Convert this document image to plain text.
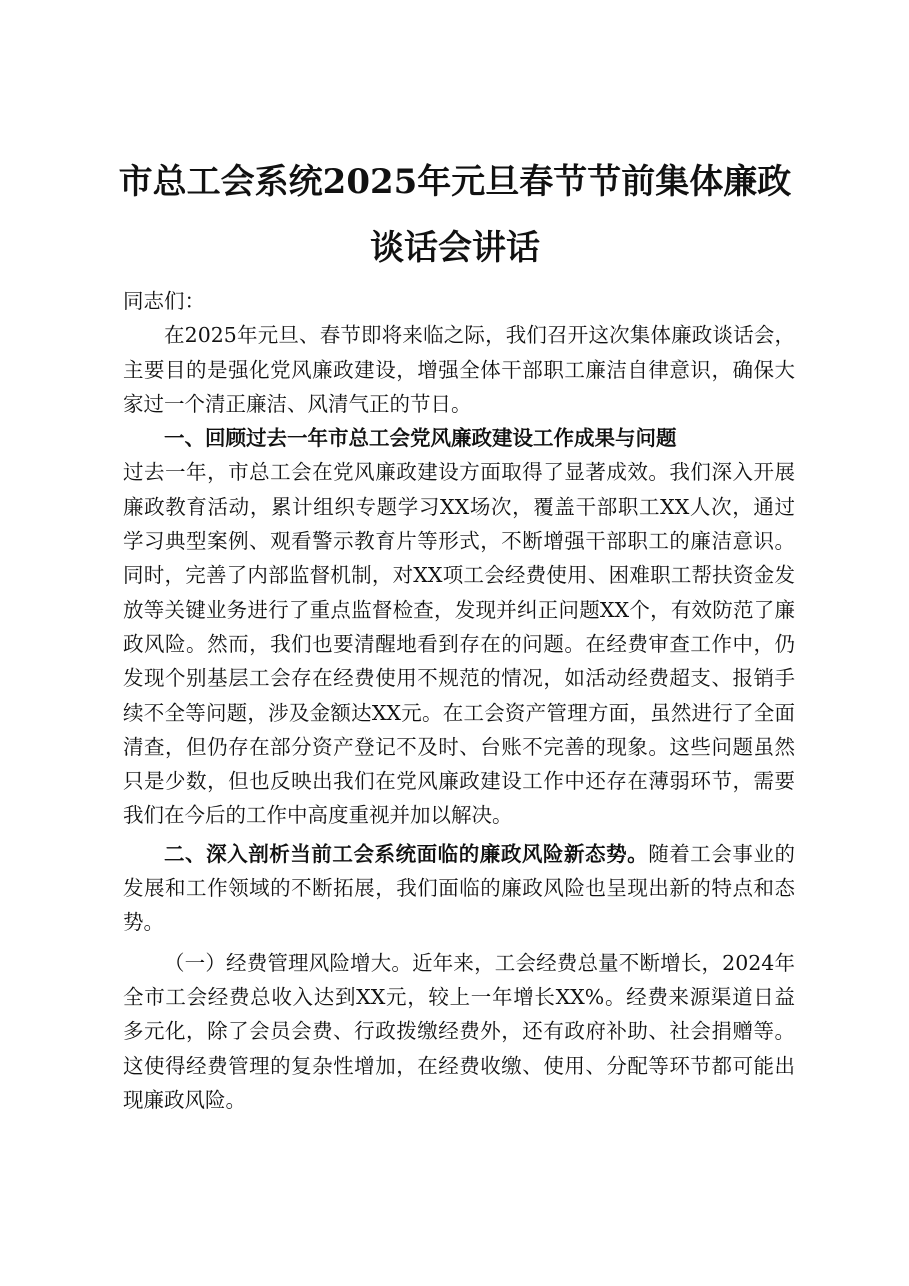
市总工会系统2025年元旦春节节前集体廉政
谈话会讲话

同志们：

在2025年元旦、春节即将来临之际，我们召开这次集体廉政谈话会，主要目的是强化党风廉政建设，增强全体干部职工廉洁自律意识，确保大家过一个清正廉洁、风清气正的节日。

一、回顾过去一年市总工会党风廉政建设工作成果与问题

过去一年，市总工会在党风廉政建设方面取得了显著成效。我们深入开展廉政教育活动，累计组织专题学习XX场次，覆盖干部职工XX人次，通过学习典型案例、观看警示教育片等形式，不断增强干部职工的廉洁意识。同时，完善了内部监督机制，对XX项工会经费使用、困难职工帮扶资金发放等关键业务进行了重点监督检查，发现并纠正问题XX个，有效防范了廉政风险。然而，我们也要清醒地看到存在的问题。在经费审查工作中，仍发现个别基层工会存在经费使用不规范的情况，如活动经费超支、报销手续不全等问题，涉及金额达XX元。在工会资产管理方面，虽然进行了全面清查，但仍存在部分资产登记不及时、台账不完善的现象。这些问题虽然只是少数，但也反映出我们在党风廉政建设工作中还存在薄弱环节，需要我们在今后的工作中高度重视并加以解决。

二、深入剖析当前工会系统面临的廉政风险新态势。随着工会事业的发展和工作领域的不断拓展，我们面临的廉政风险也呈现出新的特点和态势。

（一）经费管理风险增大。近年来，工会经费总量不断增长，2024年全市工会经费总收入达到XX元，较上一年增长XX%。经费来源渠道日益多元化，除了会员会费、行政拨缴经费外，还有政府补助、社会捐赠等。这使得经费管理的复杂性增加，在经费收缴、使用、分配等环节都可能出现廉政风险。
